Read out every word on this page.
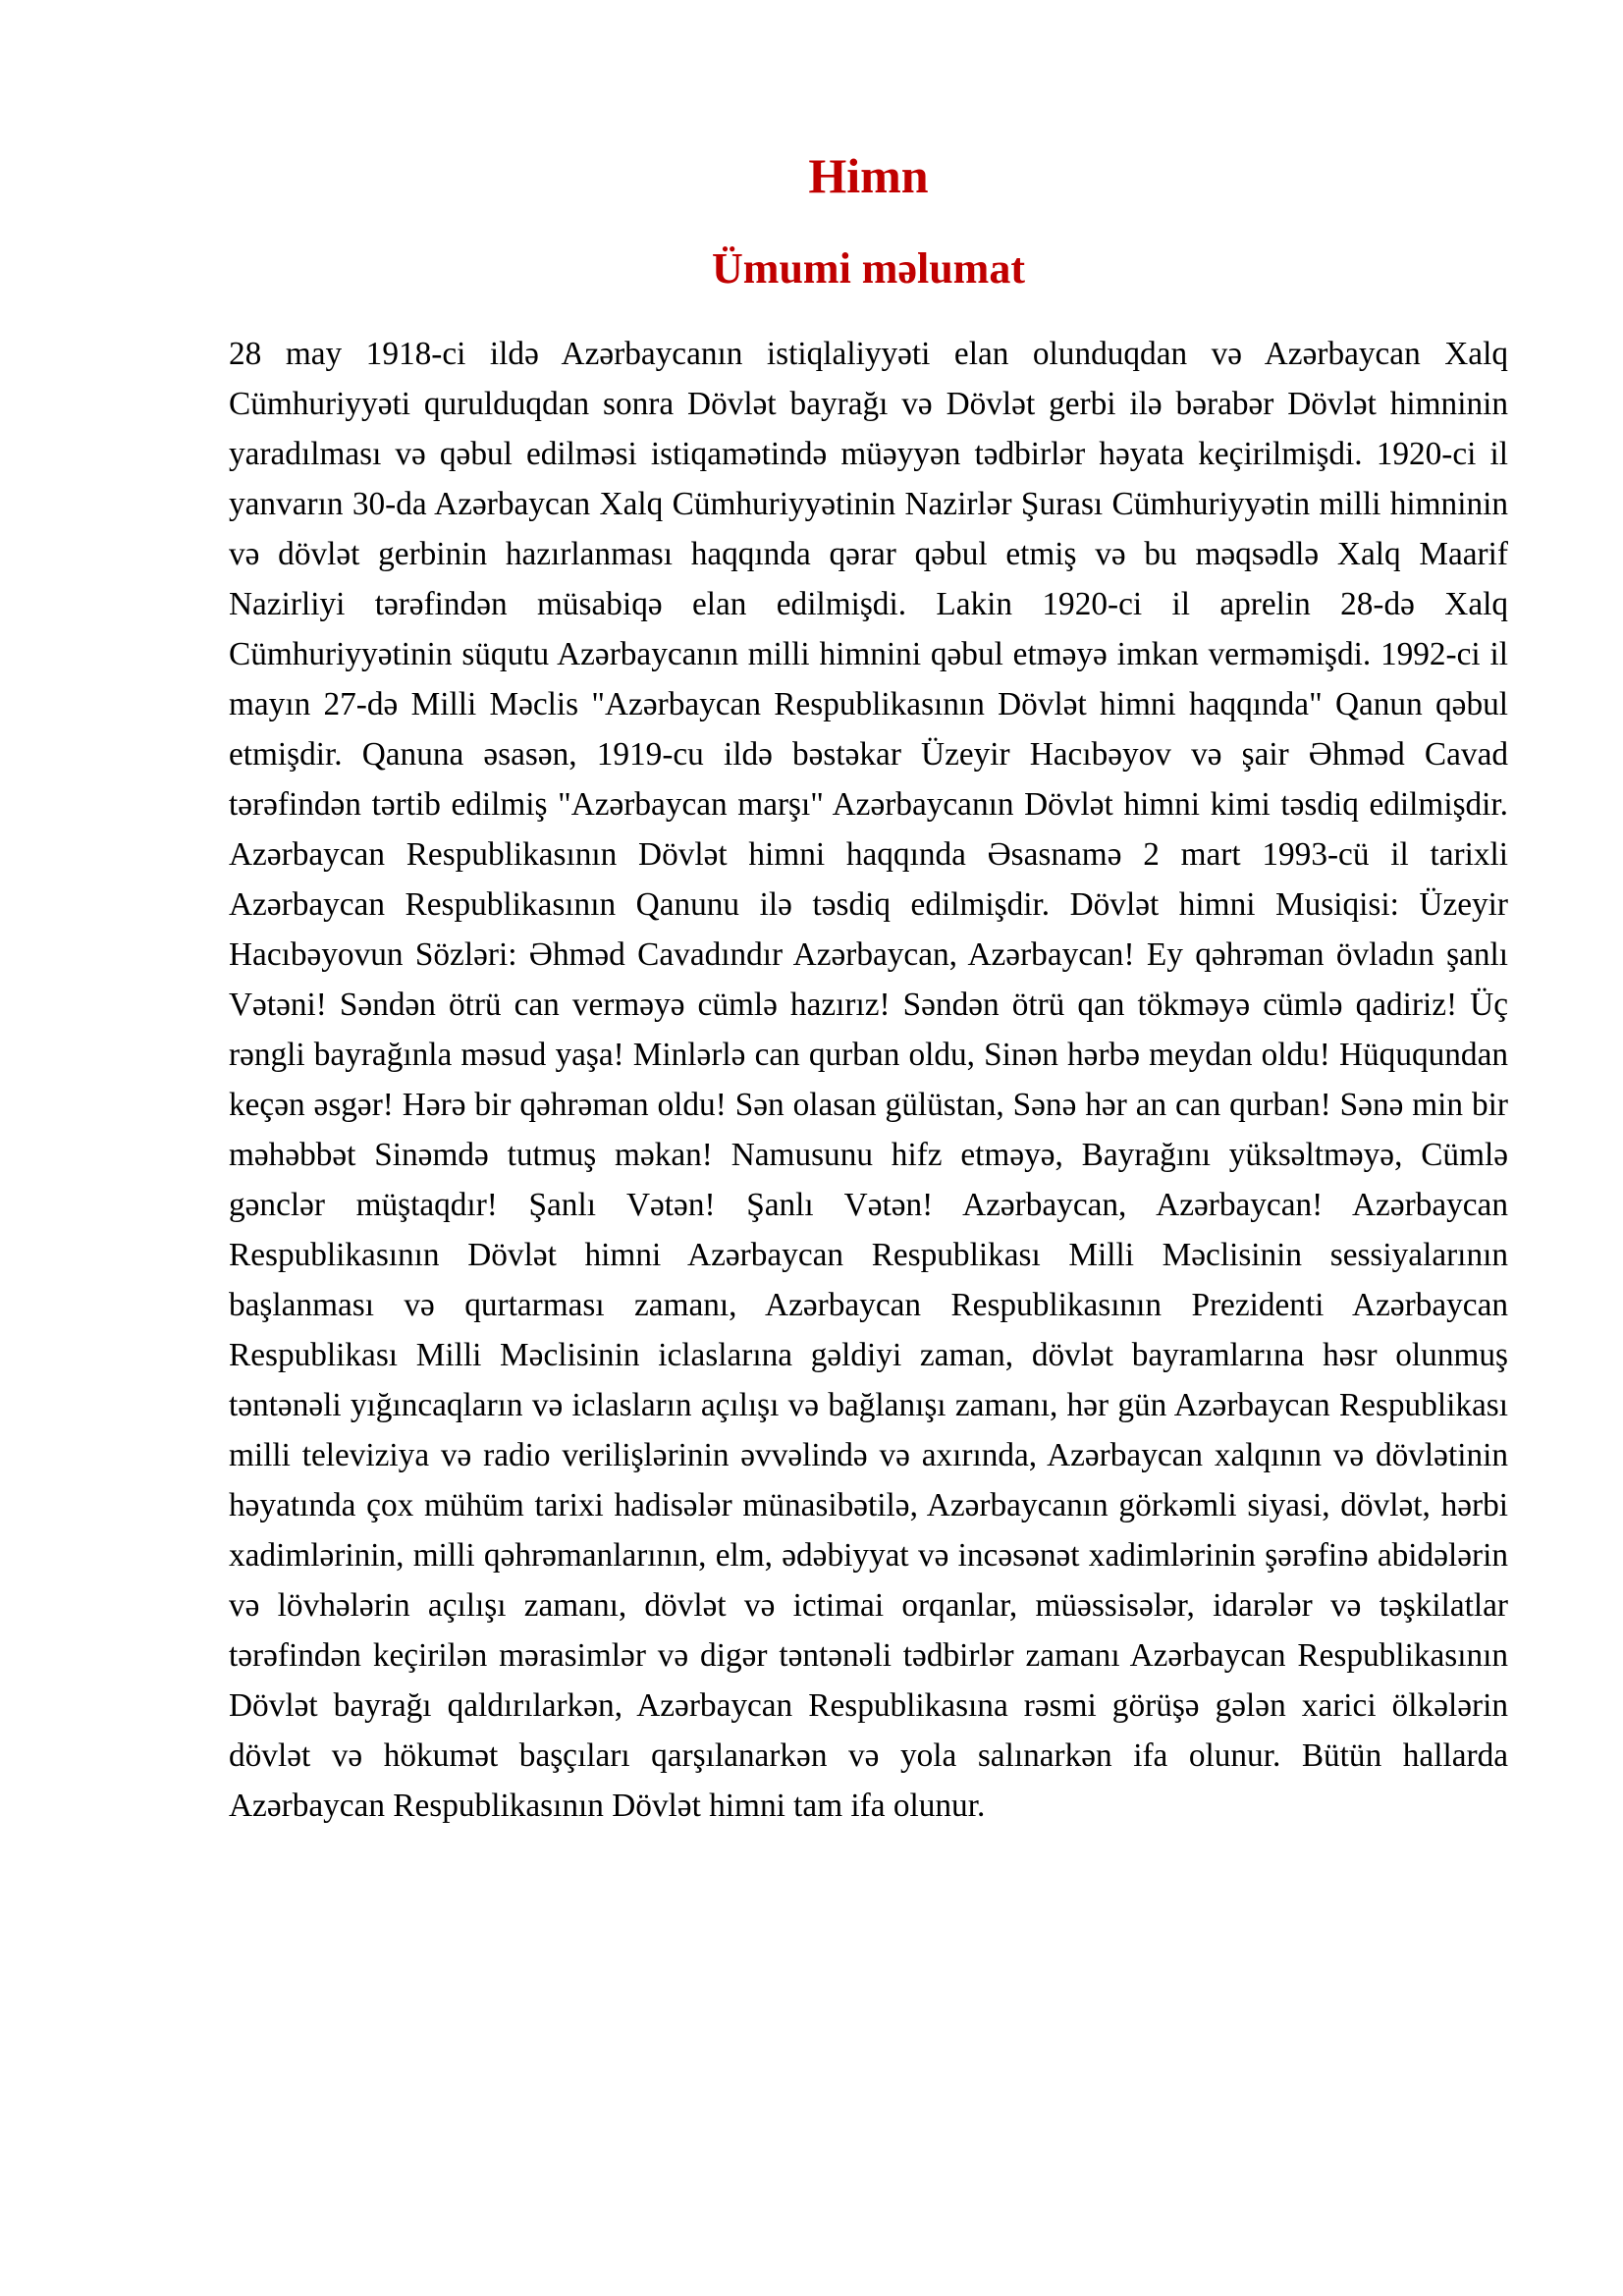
Himn
Ümumi məlumat

28 may 1918-ci ildə Azərbaycanın istiqlaliyyəti elan olunduqdan və Azərbaycan Xalq Cümhuriyyəti qurulduqdan sonra Dövlət bayrağı və Dövlət gerbi ilə bərabər Dövlət himninin yaradılması və qəbul edilməsi istiqamətində müəyyən tədbirlər həyata keçirilmişdi. 1920-ci il yanvarın 30-da Azərbaycan Xalq Cümhuriyyətinin Nazirlər Şurası Cümhuriyyətin milli himninin və dövlət gerbinin hazırlanması haqqında qərar qəbul etmiş və bu məqsədlə Xalq Maarif Nazirliyi tərəfindən müsabiqə elan edilmişdi. Lakin 1920-ci il aprelin 28-də Xalq Cümhuriyyətinin süqutu Azərbaycanın milli himnini qəbul etməyə imkan verməmişdi. 1992-ci il mayın 27-də Milli Məclis "Azərbaycan Respublikasının Dövlət himni haqqında" Qanun qəbul etmişdir. Qanuna əsasən, 1919-cu ildə bəstəkar Üzeyir Hacıbəyov və şair Əhməd Cavad tərəfindən tərtib edilmiş "Azərbaycan marşı" Azərbaycanın Dövlət himni kimi təsdiq edilmişdir. Azərbaycan Respublikasının Dövlət himni haqqında Əsasnamə 2 mart 1993-cü il tarixli Azərbaycan Respublikasının Qanunu ilə təsdiq edilmişdir. Dövlət himni Musiqisi: Üzeyir Hacıbəyovun Sözləri: Əhməd Cavadındır Azərbaycan, Azərbaycan! Ey qəhrəman övladın şanlı Vətəni! Səndən ötrü can verməyə cümlə hazırız! Səndən ötrü qan tökməyə cümlə qadiriz! Üç rəngli bayrağınla məsud yaşa! Minlərlə can qurban oldu, Sinən hərbə meydan oldu! Hüququndan keçən əsgər! Hərə bir qəhrəman oldu! Sən olasan gülüstan, Sənə hər an can qurban! Sənə min bir məhəbbət Sinəmdə tutmuş məkan! Namusunu hifz etməyə, Bayrağını yüksəltməyə, Cümlə gənclər müştaqdır! Şanlı Vətən! Şanlı Vətən! Azərbaycan, Azərbaycan! Azərbaycan Respublikasının Dövlət himni Azərbaycan Respublikası Milli Məclisinin sessiyalarının başlanması və qurtarması zamanı, Azərbaycan Respublikasının Prezidenti Azərbaycan Respublikası Milli Məclisinin iclaslarına gəldiyi zaman, dövlət bayramlarına həsr olunmuş təntənəli yığıncaqların və iclasların açılışı və bağlanışı zamanı, hər gün Azərbaycan Respublikası milli televiziya və radio verilişlərinin əvvəlində və axırında, Azərbaycan xalqının və dövlətinin həyatında çox mühüm tarixi hadisələr münasibətilə, Azərbaycanın görkəmli siyasi, dövlət, hərbi xadimlərinin, milli qəhrəmanlarının, elm, ədəbiyyat və incəsənət xadimlərinin şərəfinə abidələrin və lövhələrin açılışı zamanı, dövlət və ictimai orqanlar, müəssisələr, idarələr və təşkilatlar tərəfindən keçirilən mərasimlər və digər təntənəli tədbirlər zamanı Azərbaycan Respublikasının Dövlət bayrağı qaldırılarkən, Azərbaycan Respublikasına rəsmi görüşə gələn xarici ölkələrin dövlət və hökumət başçıları qarşılanarkən və yola salınarkən ifa olunur. Bütün hallarda Azərbaycan Respublikasının Dövlət himni tam ifa olunur.
